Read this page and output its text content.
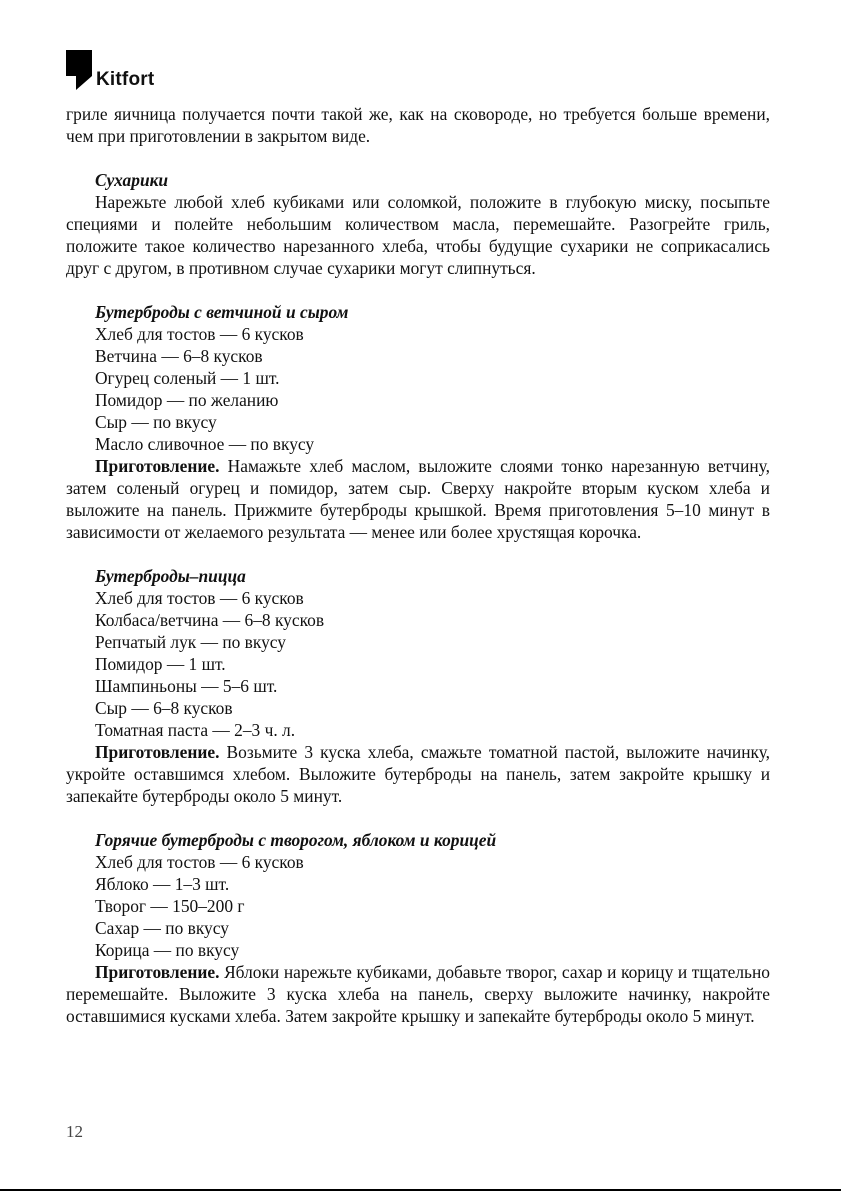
Kitfort

гриле яичница получается почти такой же, как на сковороде, но требуется больше времени, чем при приготовлении в закрытом виде.

Сухарики

Нарежьте любой хлеб кубиками или соломкой, положите в глубокую миску, посыпьте специями и полейте небольшим количеством масла, перемешайте. Разогрейте гриль, положите такое количество нарезанного хлеба, чтобы будущие сухарики не соприкасались друг с другом, в противном случае сухарики могут слипнуться.

Бутерброды с ветчиной и сыром

Хлеб для тостов — 6 кусков

Ветчина — 6–8 кусков

Огурец соленый — 1 шт.

Помидор — по желанию

Сыр — по вкусу

Масло сливочное — по вкусу

Приготовление. Намажьте хлеб маслом, выложите слоями тонко нарезанную ветчину, затем соленый огурец и помидор, затем сыр. Сверху накройте вторым куском хлеба и выложите на панель. Прижмите бутерброды крышкой. Время приготовления 5–10 минут в зависимости от желаемого результата — менее или более хрустящая корочка.

Бутерброды–пицца

Хлеб для тостов — 6 кусков

Колбаса/ветчина — 6–8 кусков

Репчатый лук — по вкусу

Помидор — 1 шт.

Шампиньоны — 5–6 шт.

Сыр — 6–8 кусков

Томатная паста — 2–3 ч. л.

Приготовление. Возьмите 3 куска хлеба, смажьте томатной пастой, выложите начинку, укройте оставшимся хлебом. Выложите бутерброды на панель, затем закройте крышку и запекайте бутерброды около 5 минут.

Горячие бутерброды с творогом, яблоком и корицей

Хлеб для тостов — 6 кусков

Яблоко — 1–3 шт.

Творог — 150–200 г

Сахар — по вкусу

Корица — по вкусу

Приготовление. Яблоки нарежьте кубиками, добавьте творог, сахар и корицу и тщательно перемешайте. Выложите 3 куска хлеба на панель, сверху выложите начинку, накройте оставшимися кусками хлеба. Затем закройте крышку и запекайте бутерброды около 5 минут.

12
